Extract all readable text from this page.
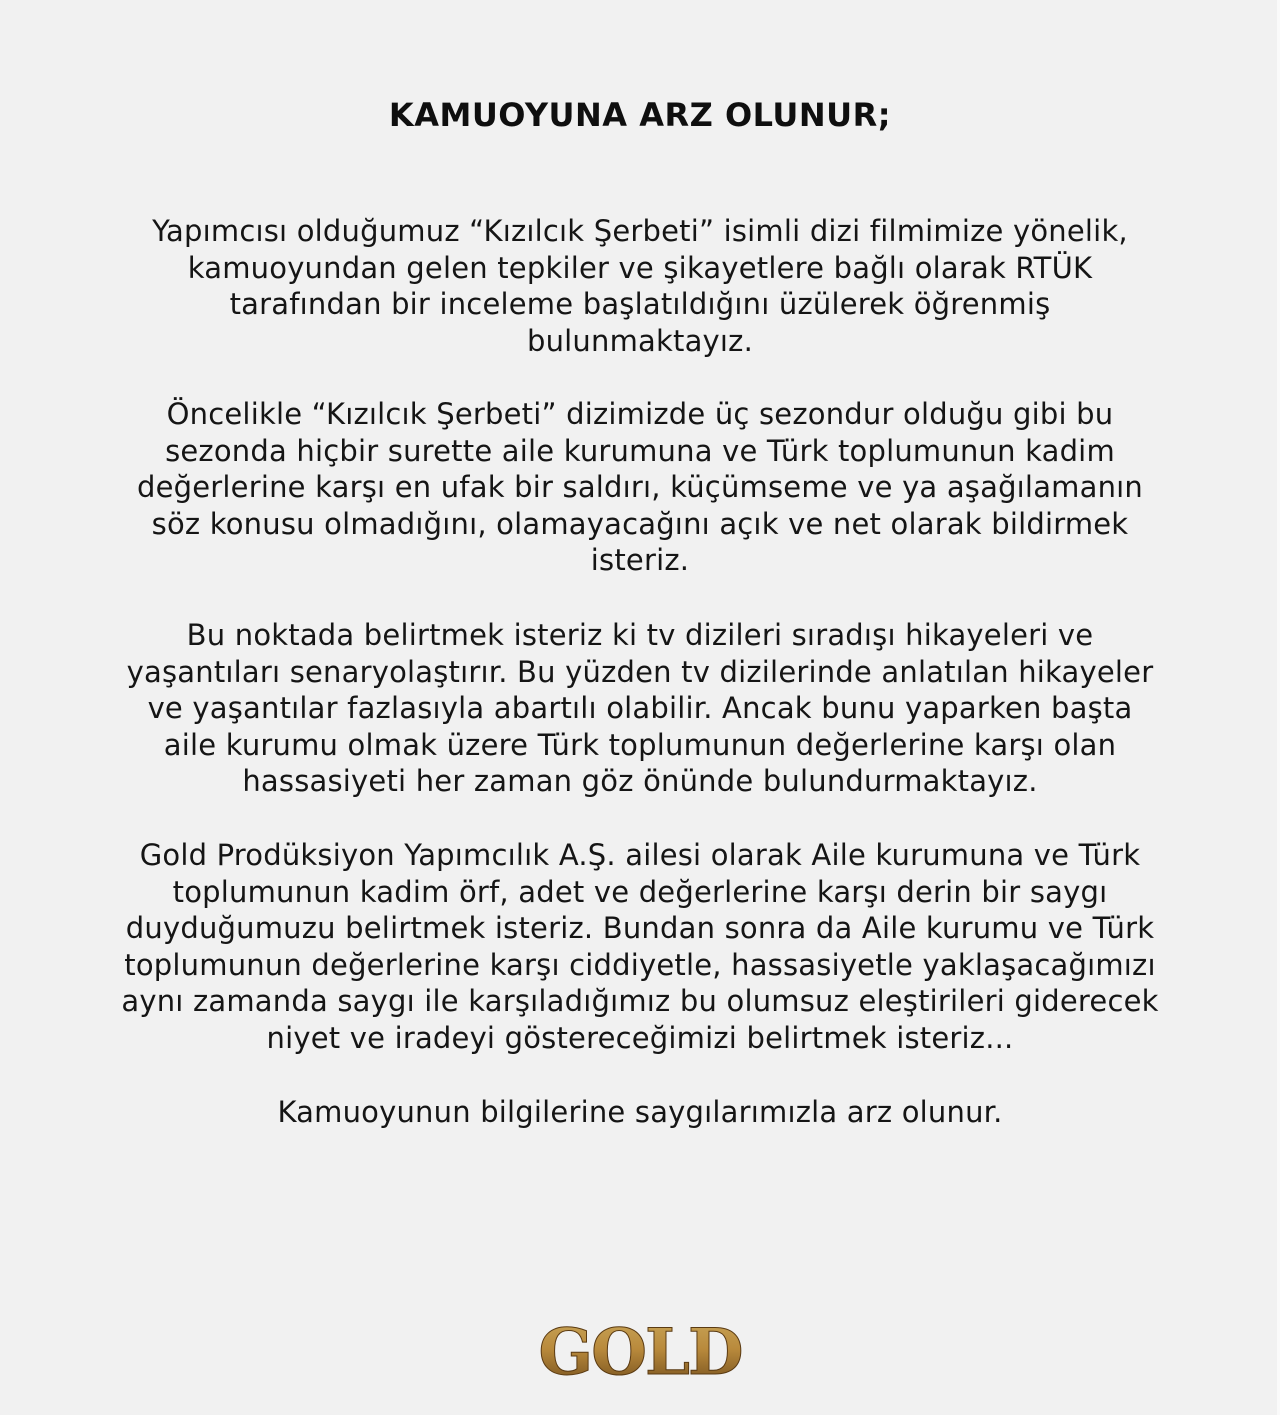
KAMUOYUNA ARZ OLUNUR;
Yapımcısı olduğumuz “Kızılcık Şerbeti” isimli dizi filmimize yönelik,
kamuoyundan gelen tepkiler ve şikayetlere bağlı olarak RTÜK
tarafından bir inceleme başlatıldığını üzülerek öğrenmiş
bulunmaktayız.
Öncelikle “Kızılcık Şerbeti” dizimizde üç sezondur olduğu gibi bu
sezonda hiçbir surette aile kurumuna ve Türk toplumunun kadim
değerlerine karşı en ufak bir saldırı, küçümseme ve ya aşağılamanın
söz konusu olmadığını, olamayacağını açık ve net olarak bildirmek
isteriz.
Bu noktada belirtmek isteriz ki tv dizileri sıradışı hikayeleri ve
yaşantıları senaryolaştırır. Bu yüzden tv dizilerinde anlatılan hikayeler
ve yaşantılar fazlasıyla abartılı olabilir. Ancak bunu yaparken başta
aile kurumu olmak üzere Türk toplumunun değerlerine karşı olan
hassasiyeti her zaman göz önünde bulundurmaktayız.
Gold Prodüksiyon Yapımcılık A.Ş. ailesi olarak Aile kurumuna ve Türk
toplumunun kadim örf, adet ve değerlerine karşı derin bir saygı
duyduğumuzu belirtmek isteriz. Bundan sonra da Aile kurumu ve Türk
toplumunun değerlerine karşı ciddiyetle, hassasiyetle yaklaşacağımızı
aynı zamanda saygı ile karşıladığımız bu olumsuz eleştirileri giderecek
niyet ve iradeyi göstereceğimizi belirtmek isteriz...
Kamuoyunun bilgilerine saygılarımızla arz olunur.
GOLD
